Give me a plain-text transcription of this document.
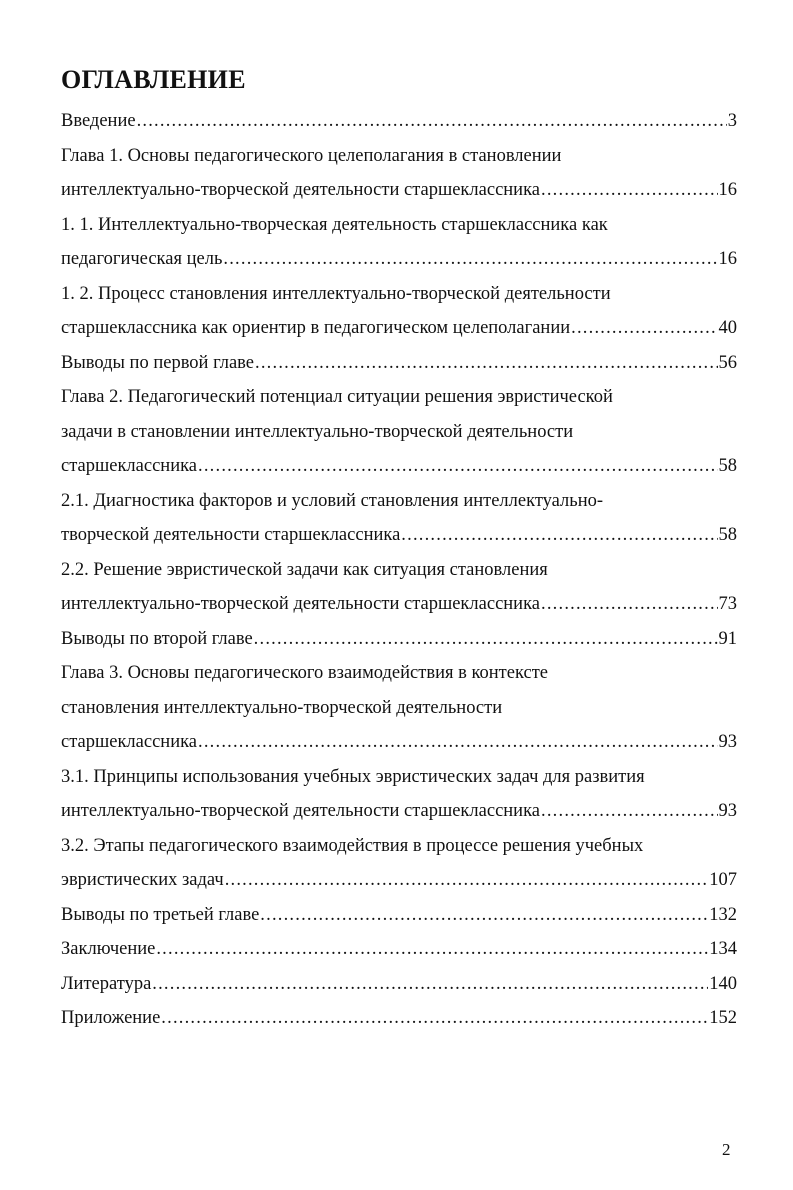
ОГЛАВЛЕНИЕ
Введение .....	3
Глава 1. Основы педагогического целеполагания в становлении
интеллектуально-творческой деятельности старшеклассника .....	16
1. 1. Интеллектуально-творческая деятельность старшеклассника как
педагогическая цель .....	16
1. 2. Процесс становления интеллектуально-творческой деятельности
старшеклассника как ориентир в педагогическом целеполагании .....	40
Выводы по первой главе .....	56
Глава 2. Педагогический потенциал ситуации решения эвристической
задачи в становлении интеллектуально-творческой деятельности
старшеклассника .....	58
2.1. Диагностика факторов и условий становления интеллектуально-
творческой деятельности старшеклассника .....	58
2.2. Решение эвристической задачи как ситуация становления
интеллектуально-творческой деятельности старшеклассника .....	73
Выводы по второй главе .....	91
Глава 3. Основы педагогического взаимодействия в контексте
становления интеллектуально-творческой деятельности
старшеклассника .....	93
3.1. Принципы использования учебных эвристических задач для развития
интеллектуально-творческой деятельности старшеклассника .....	93
3.2. Этапы педагогического взаимодействия в процессе решения учебных
эвристических задач .....	107
Выводы по третьей главе .....	132
Заключение .....	134
Литература .....	140
Приложение .....	152
2
